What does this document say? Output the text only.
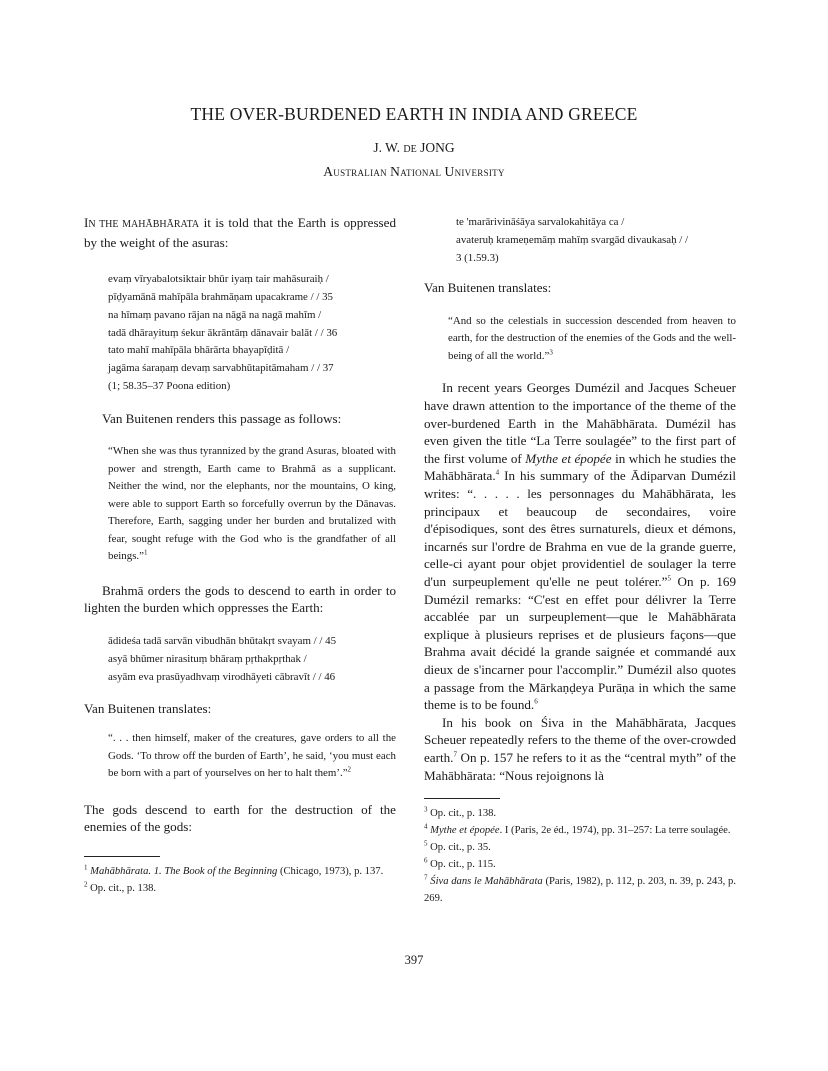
THE OVER-BURDENED EARTH IN INDIA AND GREECE
J. W. DE JONG
AUSTRALIAN NATIONAL UNIVERSITY

IN THE MAHĀBHĀRATA it is told that the Earth is oppressed by the weight of the asuras:

evaṃ vīryabalotsiktair bhūr iyaṃ tair mahāsuraiḥ /
pīḍyamānā mahīpāla brahmāṇam upacakrame / / 35
na hīmaṃ pavano rājan na nāgā na nagā mahīm /
tadā dhārayituṃ śekur ākrāntāṃ dānavair balāt / / 36
tato mahī mahīpāla bhārārta bhayapīḍitā /
jagāma śaraṇaṃ devaṃ sarvabhūtapitāmaham / / 37
(1; 58.35–37 Poona edition)

Van Buitenen renders this passage as follows:

“When she was thus tyrannized by the grand Asuras, bloated with power and strength, Earth came to Brahmā as a supplicant. Neither the wind, nor the elephants, nor the mountains, O king, were able to support Earth so forcefully overrun by the Dānavas. Therefore, Earth, sagging under her burden and brutalized with fear, sought refuge with the God who is the grandfather of all beings.”$^1$

Brahmā orders the gods to descend to earth in order to lighten the burden which oppresses the Earth:

ādideśa tadā sarvān vibudhān bhūtakṛt svayam / / 45
asyā bhūmer nirasituṃ bhāraṃ pṛthakpṛthak /
asyām eva prasūyadhvaṃ virodhāyeti cābravīt / / 46

Van Buitenen translates:

“. . . then himself, maker of the creatures, gave orders to all the Gods. ‘To throw off the burden of Earth’, he said, ‘you must each be born with a part of yourselves on her to halt them’.”$^2$

The gods descend to earth for the destruction of the enemies of the gods:

$^1$ Mahābhārata. 1. The Book of the Beginning (Chicago, 1973), p. 137.

$^2$ Op. cit., p. 138.

te 'marārivināśāya sarvalokahitāya ca /
avateruḥ krameṇemāṃ mahīṃ svargād divaukasaḥ / /
3 (1.59.3)

Van Buitenen translates:

“And so the celestials in succession descended from heaven to earth, for the destruction of the enemies of the Gods and the well-being of all the world.”$^3$

In recent years Georges Dumézil and Jacques Scheuer have drawn attention to the importance of the theme of the over-burdened Earth in the Mahābhārata. Dumézil has even given the title “La Terre soulagée” to the first part of the first volume of Mythe et épopée in which he studies the Mahābhārata.$^4$ In his summary of the Ādiparvan Dumézil writes: “. . . . . les personnages du Mahābhārata, les principaux et beaucoup de secondaires, voire d'épisodiques, sont des êtres surnaturels, dieux et démons, incarnés sur l'ordre de Brahma en vue de la grande guerre, celle-ci ayant pour objet providentiel de soulager la terre d'un surpeuplement qu'elle ne peut tolérer.”$^5$ On p. 169 Dumézil remarks: “C'est en effet pour délivrer la Terre accablée par un surpeuplement—que le Mahābhārata explique à plusieurs reprises et de plusieurs façons—que Brahma avait décidé la grande saignée et commandé aux dieux de s'incarner pour l'accomplir.” Dumézil also quotes a passage from the Mārkaṇḍeya Purāṇa in which the same theme is to be found.$^6$

In his book on Śiva in the Mahābhārata, Jacques Scheuer repeatedly refers to the theme of the over-crowded earth.$^7$ On p. 157 he refers to it as the “central myth” of the Mahābhārata: “Nous rejoignons là

$^3$ Op. cit., p. 138.

$^4$ Mythe et épopée. I (Paris, 2e éd., 1974), pp. 31–257: La terre soulagée.

$^5$ Op. cit., p. 35.

$^6$ Op. cit., p. 115.

$^7$ Śiva dans le Mahābhārata (Paris, 1982), p. 112, p. 203, n. 39, p. 243, p. 269.

397
